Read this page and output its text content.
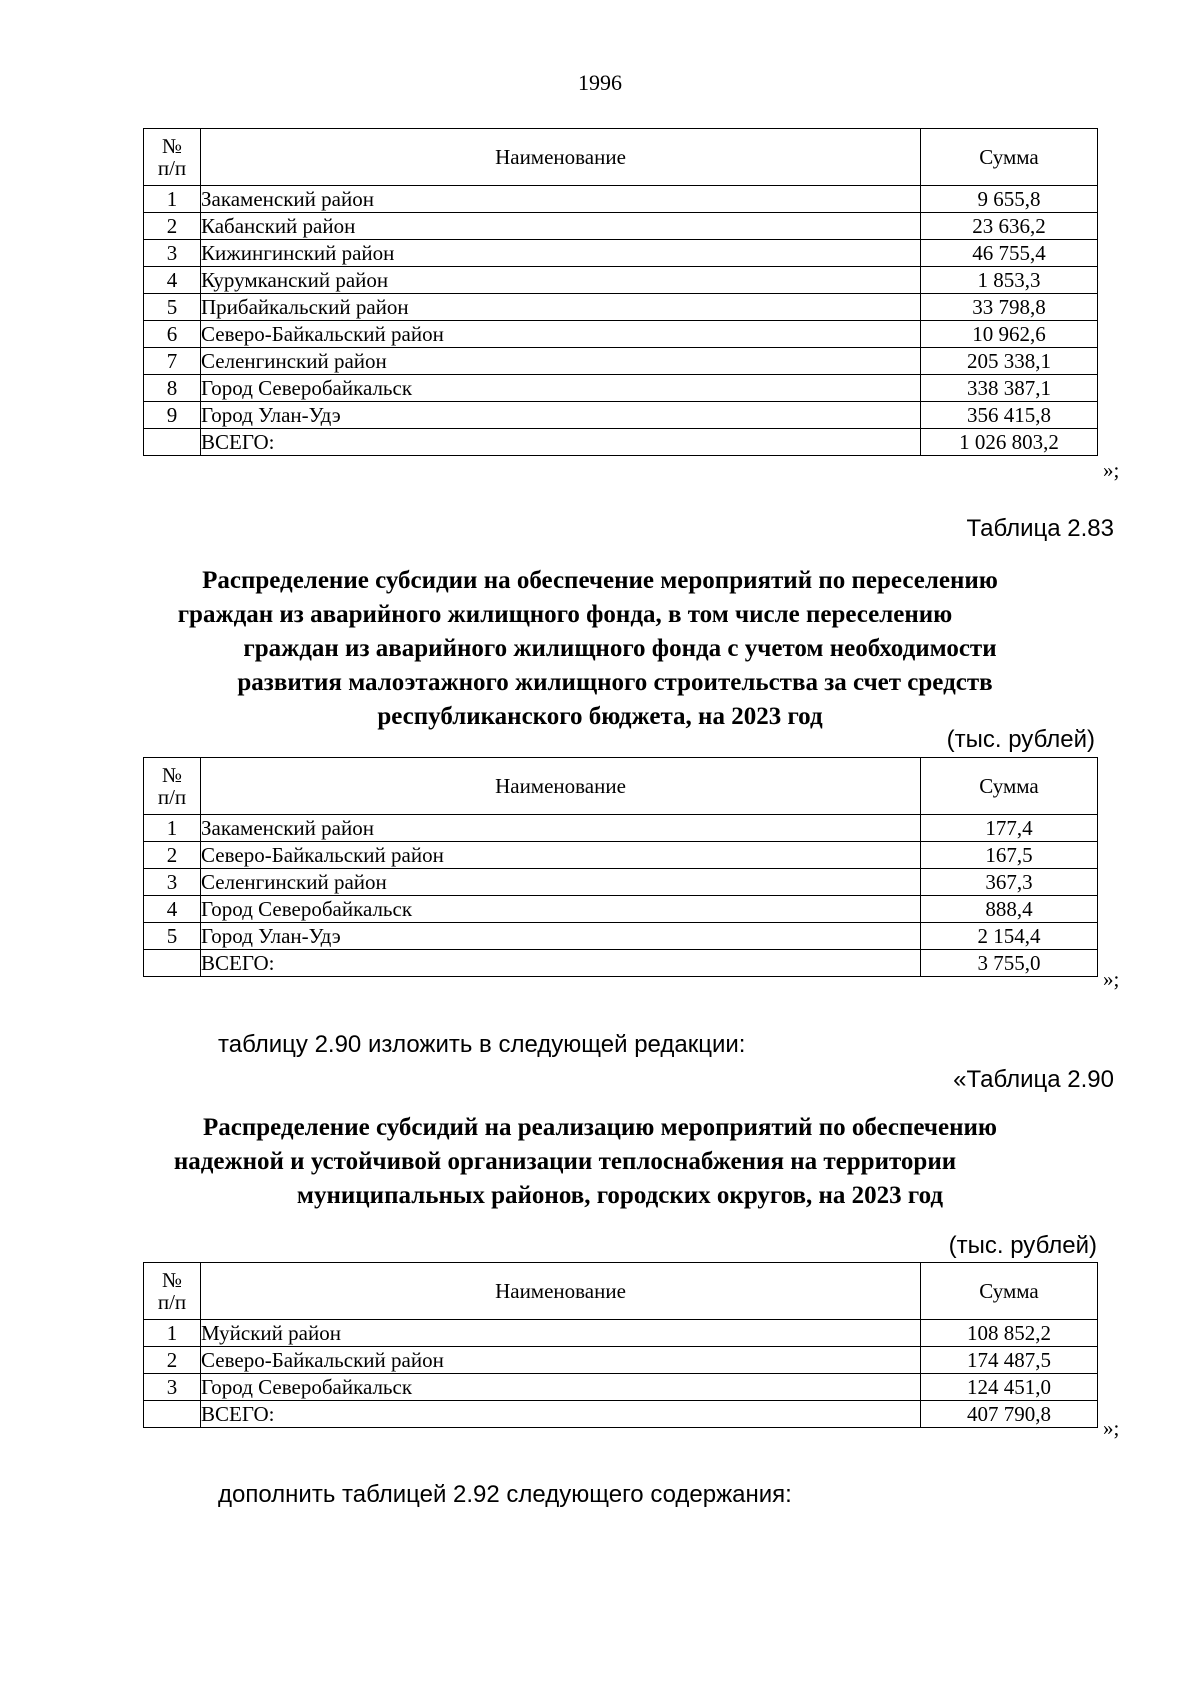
1996
№
п/п	Наименование	Сумма
1	Закаменский район	9 655,8
2	Кабанский район	23 636,2
3	Кижингинский район	46 755,4
4	Курумканский район	1 853,3
5	Прибайкальский район	33 798,8
6	Северо-Байкальский район	10 962,6
7	Селенгинский район	205 338,1
8	Город Северобайкальск	338 387,1
9	Город Улан-Удэ	356 415,8
	ВСЕГО:	1 026 803,2
»;
Таблица 2.83
Распределение субсидии на обеспечение мероприятий по переселению
граждан из аварийного жилищного фонда, в том числе переселению
граждан из аварийного жилищного фонда с учетом необходимости
развития малоэтажного жилищного строительства за счет средств
республиканского бюджета, на 2023 год
(тыс. рублей)
№
п/п	Наименование	Сумма
1	Закаменский район	177,4
2	Северо-Байкальский район	167,5
3	Селенгинский район	367,3
4	Город Северобайкальск	888,4
5	Город Улан-Удэ	2 154,4
	ВСЕГО:	3 755,0
»;
таблицу 2.90 изложить в следующей редакции:
«Таблица 2.90
Распределение субсидий на реализацию мероприятий по обеспечению
надежной и устойчивой организации теплоснабжения на территории
муниципальных районов, городских округов, на 2023 год
(тыс. рублей)
№
п/п	Наименование	Сумма
1	Муйский район	108 852,2
2	Северо-Байкальский район	174 487,5
3	Город Северобайкальск	124 451,0
	ВСЕГО:	407 790,8
»;
дополнить таблицей 2.92 следующего содержания:
